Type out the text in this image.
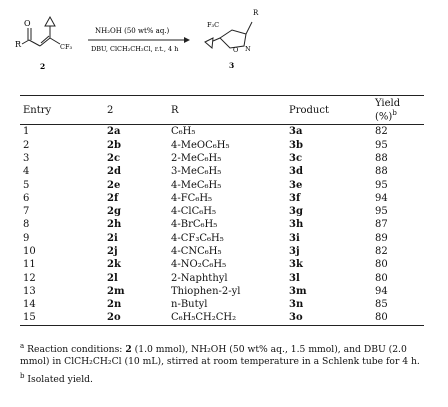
R
O
CF₃
2
NH₂OH (50 wt% aq.)
DBU, ClCH₂CH₂Cl, r.t., 4 h
F₃C
R
O N
3
Entry	2	R	Product	Yield (%)$^b$
1	2a	C₆H₅	3a	82
2	2b	4-MeOC₆H₅	3b	95
3	2c	2-MeC₆H₅	3c	88
4	2d	3-MeC₆H₅	3d	88
5	2e	4-MeC₆H₅	3e	95
6	2f	4-FC₆H₅	3f	94
7	2g	4-ClC₆H₅	3g	95
8	2h	4-BrC₆H₅	3h	87
9	2i	4-CF₃C₆H₅	3i	89
10	2j	4-CNC₆H₅	3j	82
11	2k	4-NO₂C₆H₅	3k	80
12	2l	2-Naphthyl	3l	80
13	2m	Thiophen-2-yl	3m	94
14	2n	n-Butyl	3n	85
15	2o	C₆H₅CH₂CH₂	3o	80

$^a$ Reaction conditions: 2 (1.0 mmol), NH₂OH (50 wt% aq., 1.5 mmol), and DBU (2.0 mmol) in ClCH₂CH₂Cl (10 mL), stirred at room temperature in a Schlenk tube for 4 h.

$^b$ Isolated yield.
